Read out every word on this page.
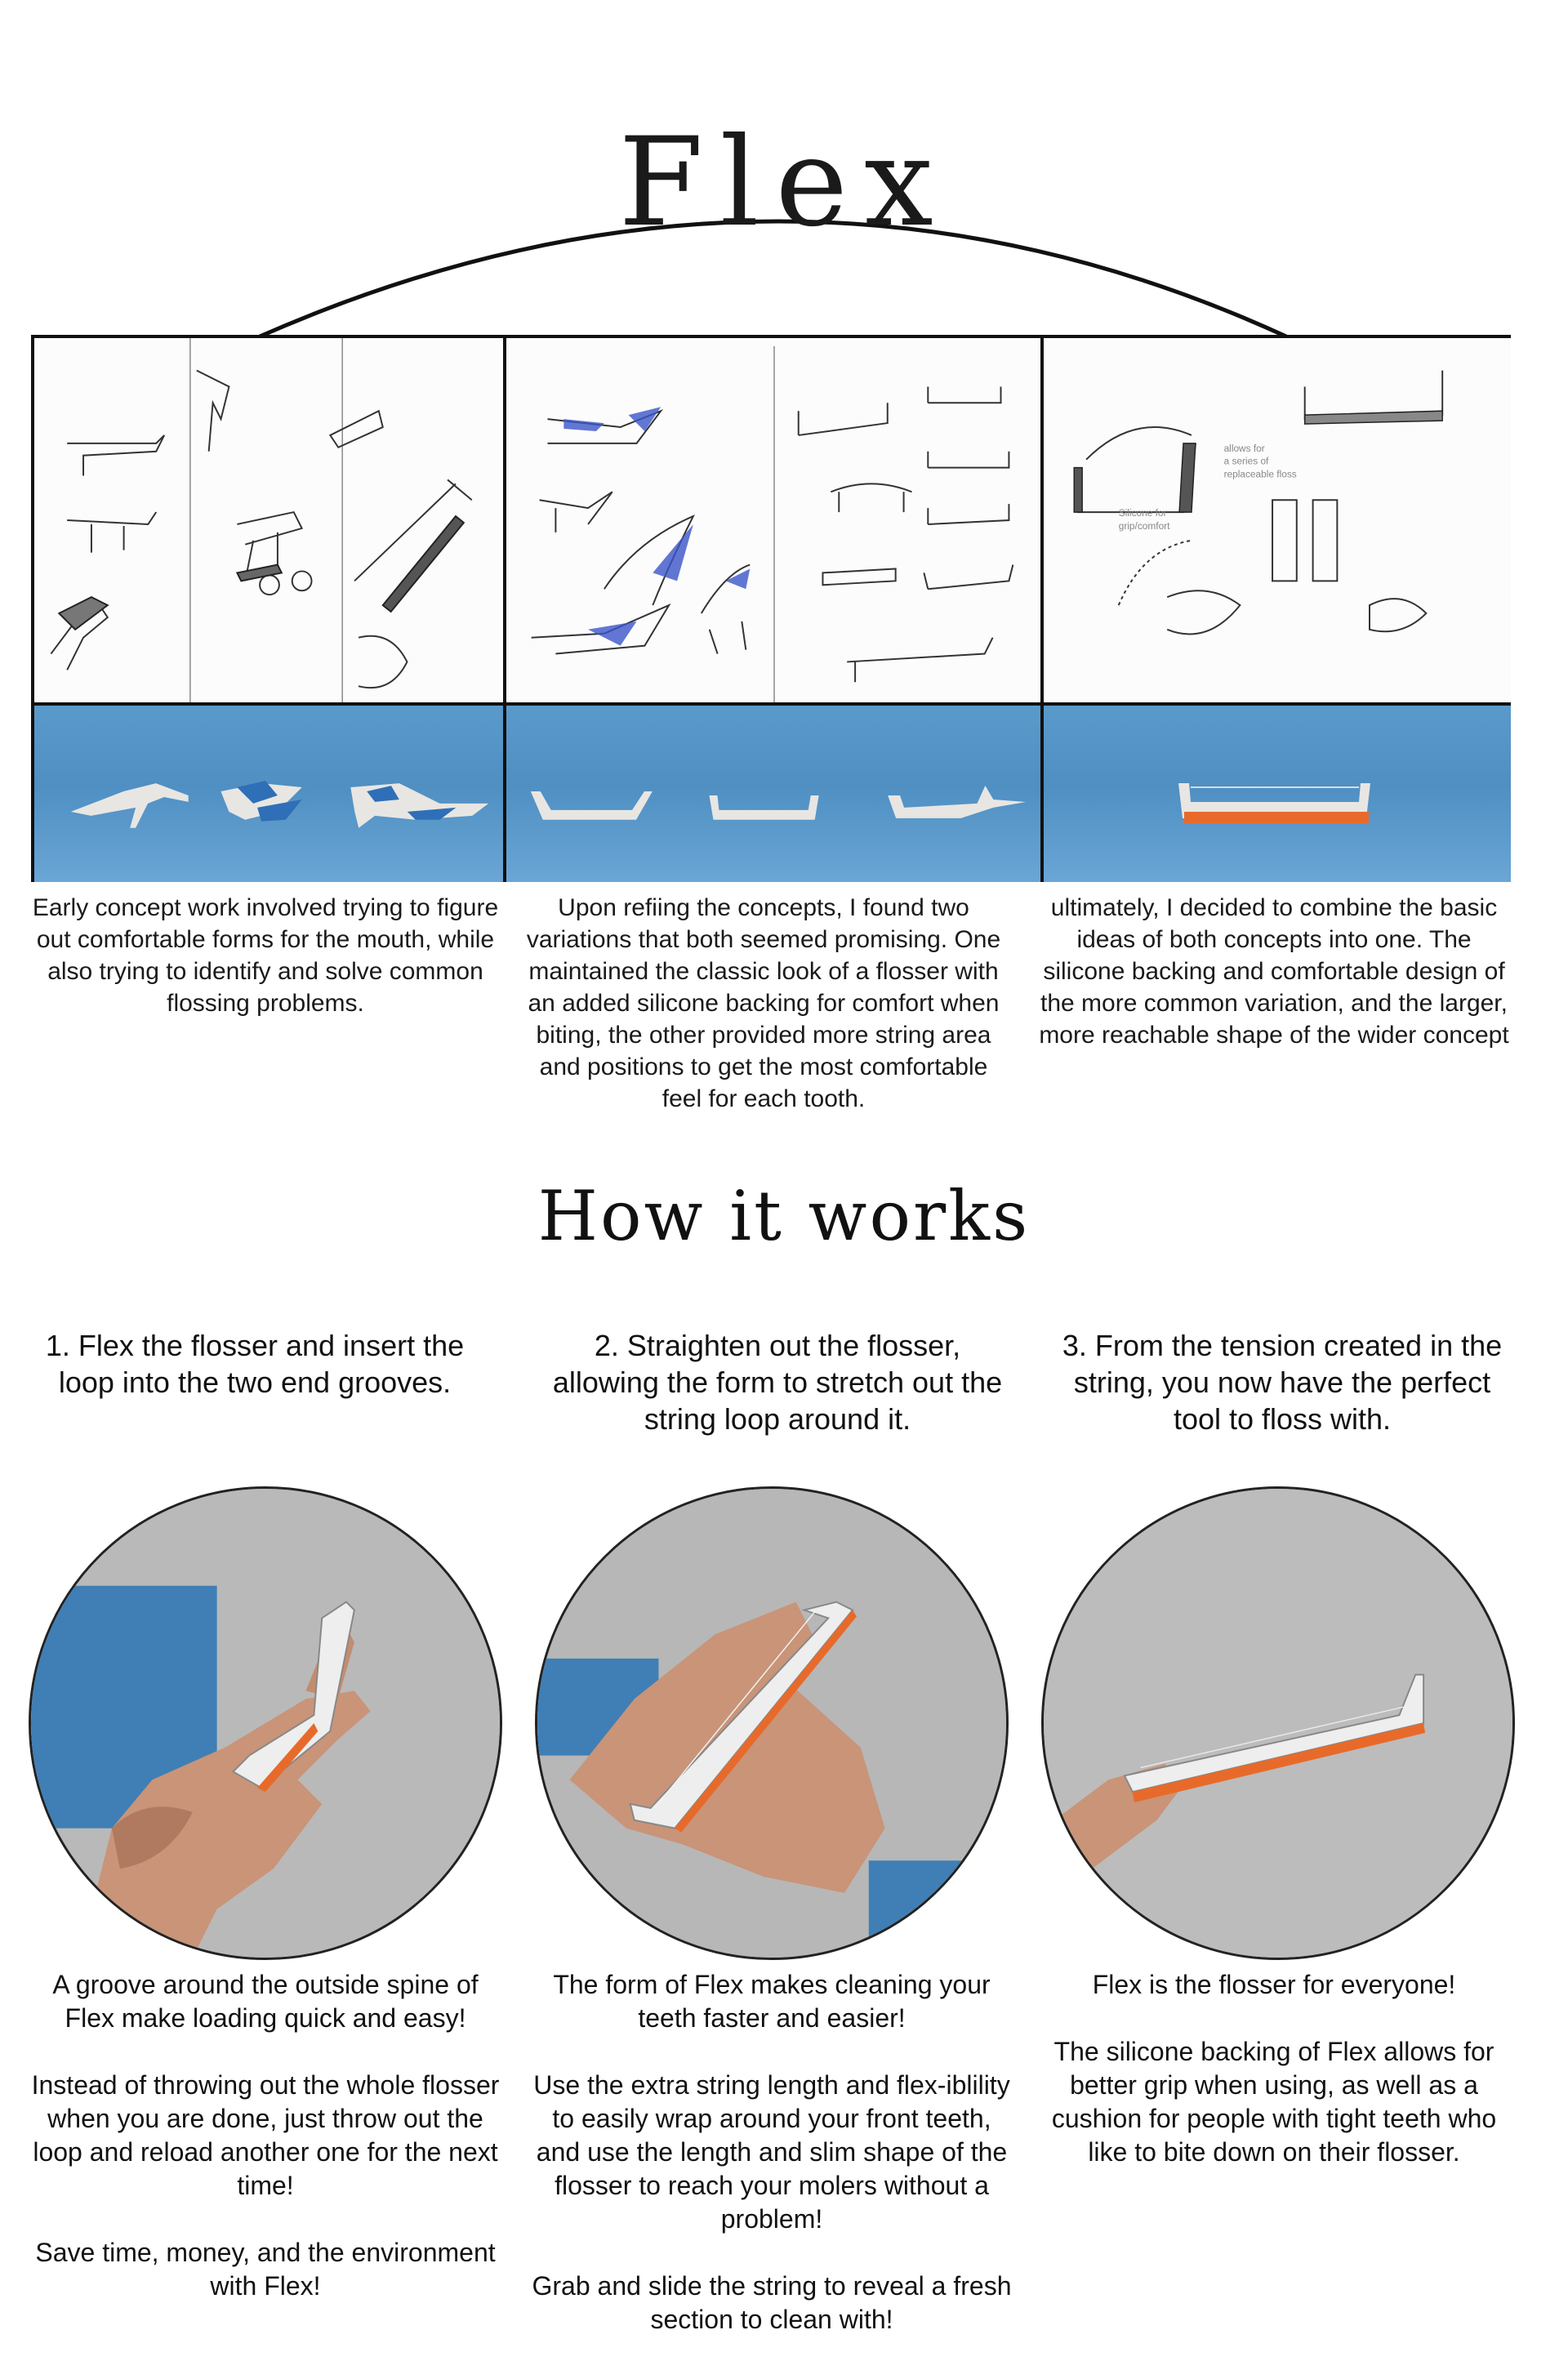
Flex
allows for
a series of
replaceable floss
Silicone for
grip/comfort
Early concept work involved trying to figure out comfortable forms for the mouth, while also trying to identify and solve common flossing problems.
Upon refiing the concepts, I found two variations that both seemed promising. One maintained the classic look of a flosser with an added silicone backing for comfort when biting, the other provided more string area and positions to get the most comfortable feel for each tooth.
ultimately, I decided to combine the basic ideas of both concepts into one. The silicone backing and comfortable design of the more common variation, and the larger, more reachable shape of the wider concept
How it works
1. Flex the flosser and insert the loop into the two end grooves.
2. Straighten out the flosser, allowing the form to stretch out the string loop around it.
3. From the tension created in the string, you now have the perfect tool to floss with.

A groove around the outside spine of Flex make loading quick and easy!

Instead of throwing out the whole flosser when you are done, just throw out the loop and reload another one for the next time!

Save time, money, and the environment with Flex!

The form of Flex makes cleaning your teeth faster and easier!

Use the extra string length and flex-iblility to easily wrap around your front teeth, and use the length and slim shape of the flosser to reach your molers without a problem!

Grab and slide the string to reveal a fresh section to clean with!

Flex is the flosser for everyone!

The silicone backing of Flex allows for better grip when using, as well as a cushion for people with tight teeth who like to bite down on their flosser.
